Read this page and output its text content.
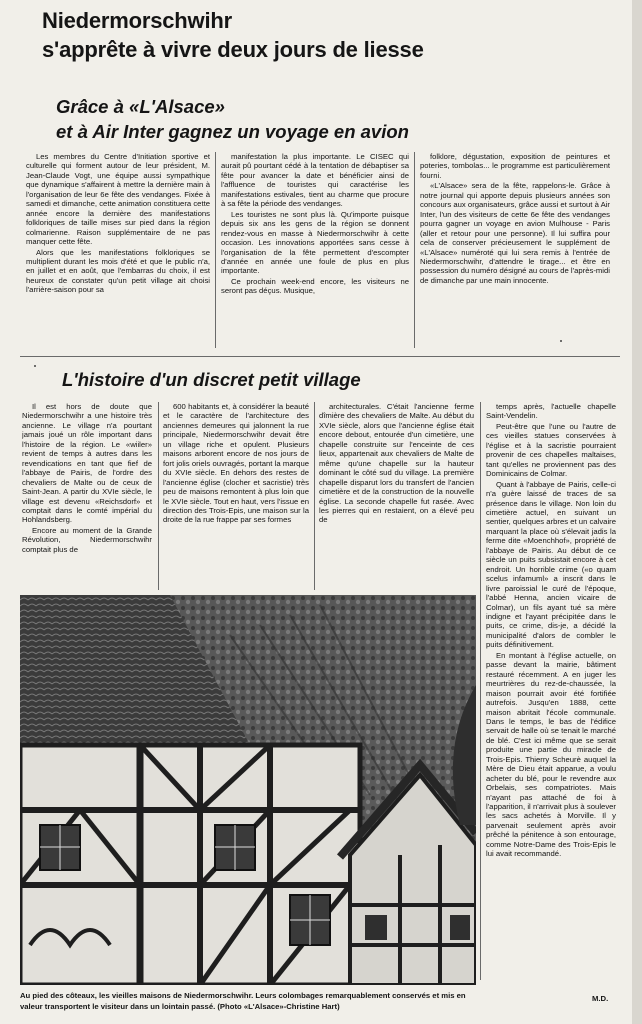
Niedermorschwihr
s'apprête à vivre deux jours de liesse
Grâce à «L'Alsace»
et à Air Inter gagnez un voyage en avion

Les membres du Centre d'Initiation sportive et culturelle qui forment autour de leur président, M. Jean-Claude Vogt, une équipe aussi sympathique que dynamique s'affairent à mettre la dernière main à l'organisation de leur 6e fête des vendanges. Fixée à samedi et dimanche, cette animation constituera cette année encore la dernière des manifestations folkloriques de taille mises sur pied dans la région colmarienne. Raison supplémentaire de ne pas manquer cette fête.

Alors que les manifestations folkloriques se multiplient durant les mois d'été et que le public n'a, en juillet et en août, que l'embarras du choix, il est heureux de constater qu'un petit village ait choisi l'arrière-saison pour sa

manifestation la plus importante. Le CISEC qui aurait pû pourtant cédé à la tentation de débaptiser sa fête pour avancer la date et bénéficier ainsi de l'affluence de touristes qui caractérise les manifestations estivales, tient au charme que procure à sa fête la période des vendanges.

Les touristes ne sont plus là. Qu'importe puisque depuis six ans les gens de la région se donnent rendez-vous en masse à Niedermorschwihr à cette occasion. Les innovations apportées sans cesse à l'organisation de la fête permettent d'escompter d'année en année une foule de plus en plus importante.

Ce prochain week-end encore, les visiteurs ne seront pas déçus. Musique,

folklore, dégustation, exposition de peintures et poteries, tombolas... le programme est particulièrement fourni.

«L'Alsace» sera de la fête, rappelons-le. Grâce à notre journal qui apporte depuis plusieurs années son concours aux organisateurs, grâce aussi et surtout à Air Inter, l'un des visiteurs de cette 6e fête des vendanges pourra gagner un voyage en avion Mulhouse - Paris (aller et retour pour une personne). Il lui suffira pour cela de conserver précieusement le supplément de «L'Alsace» numéroté qui lui sera remis à l'entrée de Niedermorschwihr, d'attendre le tirage... et être en possession du numéro désigné au cours de l'après-midi de dimanche par une main innocente.

L'histoire d'un discret petit village

Il est hors de doute que Niedermorschwihr a une histoire très ancienne. Le village n'a pourtant jamais joué un rôle important dans l'histoire de la région. Le «wiiler» revient de temps à autres dans les revendications en tant que fief de l'abbaye de Pairis, de l'ordre des chevaliers de Malte ou de ceux de Saint-Jean. A partir du XVIe siècle, le village est devenu «Reichsdorf» et comptait dans le comté impérial du Hohlandsberg.

Encore au moment de la Grande Révolution, Niedermorschwihr comptait plus de

600 habitants et, à considérer la beauté et le caractère de l'architecture des anciennes demeures qui jalonnent la rue principale, Niedermorschwihr devait être un village riche et opulent. Plusieurs maisons arborent encore de nos jours de fort jolis oriels ouvragés, portant la marque du XVIe siècle. En dehors des restes de l'ancienne église (clocher et sacristie) très peu de maisons remontent à plus loin que le XVIe siècle. Tout en haut, vers l'issue en direction des Trois-Epis, une maison sur la droite de la rue frappe par ses formes

architecturales. C'était l'ancienne ferme dîmière des chevaliers de Malte. Au début du XVIe siècle, alors que l'ancienne église était encore debout, entourée d'un cimetière, une chapelle construite sur l'enceinte de ces lieux, appartenait aux chevaliers de Malte de même qu'une chapelle sur la hauteur dominant le côté sud du village. La première chapelle disparut lors du transfert de l'ancien cimetière et de la construction de la nouvelle église. La seconde chapelle fut rasée. Avec les pierres qui en restaient, on a élevé peu de

temps après, l'actuelle chapelle Saint-Vendelin.

Peut-être que l'une ou l'autre de ces vieilles statues conservées à l'église et à la sacristie pourraient provenir de ces chapelles maltaises, tant qu'elles ne proviennent pas des Dominicains de Colmar.

Quant à l'abbaye de Pairis, celle-ci n'a guère laissé de traces de sa présence dans le village. Non loin du cimetière actuel, en suivant un sentier, quelques arbres et un calvaire marquant la place où s'élevait jadis la ferme dite «Moenchhof», propriété de l'abbaye de Pairis. Au début de ce siècle un puits subsistait encore à cet endroit. Un horrible crime («o quam scelus infamuml» a inscrit dans le livre paroissial le curé de l'époque, l'abbé Henna, ancien vicaire de Colmar), un fils ayant tué sa mère indigne et l'ayant précipitée dans le puits, ce crime, dis-je, a décidé la municipalité d'alors de combler le puits définitivement.

En montant à l'église actuelle, on passe devant la mairie, bâtiment restauré récemment. A en juger les meurtrières du rez-de-chaussée, la maison pourrait avoir été fortifiée autrefois. Jusqu'en 1888, cette maison abritait l'école communale. Dans le temps, le bas de l'édifice servait de halle où se tenait le marché de blé. C'est ici même que se serait produite une partie du miracle de Trois-Epis. Thierry Scheurè auquel la Mère de Dieu était apparue, a voulu acheter du blé, pour le revendre aux Orbelais, ses compatriotes. Mais n'ayant pas attaché de foi à l'apparition, il n'arrivait plus à soulever les sacs achetés à Morville. Il y parvenait seulement après avoir prêché la pénitence à son entourage, comme Notre-Dame des Trois-Epis le lui avait recommandé.

Au pied des côteaux, les vieilles maisons de Niedermorschwihr. Leurs colombages remarquablement conservés et mis en valeur transportent le visiteur dans un lointain passé. (Photo «L'Alsace»-Christine Hart)
M.D.
